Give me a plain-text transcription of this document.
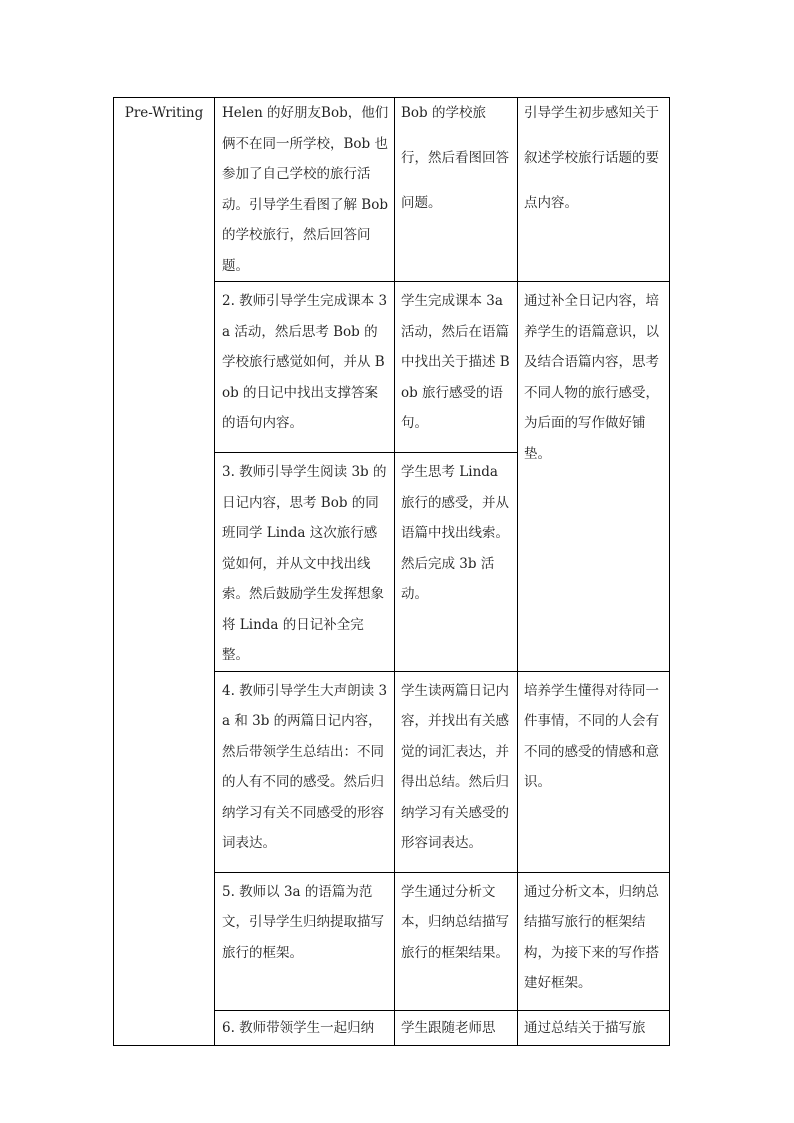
Pre-Writing	Helen 的好朋友Bob，他们俩不在同一所学校，Bob 也参加了自己学校的旅行活动。引导学生看图了解 Bob 的学校旅行，然后回答问题。	Bob 的学校旅行，然后看图回答问题。	引导学生初步感知关于叙述学校旅行话题的要点内容。

	2. 教师引导学生完成课本 3a 活动，然后思考 Bob 的学校旅行感觉如何，并从 Bob 的日记中找出支撑答案的语句内容。	学生完成课本 3a 活动，然后在语篇中找出关于描述 Bob 旅行感受的语句。	通过补全日记内容，培养学生的语篇意识，以及结合语篇内容，思考不同人物的旅行感受，为后面的写作做好铺垫。

	3. 教师引导学生阅读 3b 的日记内容，思考 Bob 的同班同学 Linda 这次旅行感觉如何，并从文中找出线索。然后鼓励学生发挥想象将 Linda 的日记补全完整。	学生思考 Linda 旅行的感受，并从语篇中找出线索。然后完成 3b 活动。	

	4. 教师引导学生大声朗读 3a 和 3b 的两篇日记内容，然后带领学生总结出：不同的人有不同的感受。然后归纳学习有关不同感受的形容词表达。	学生读两篇日记内容，并找出有关感觉的词汇表达，并得出总结。然后归纳学习有关感受的形容词表达。	培养学生懂得对待同一件事情，不同的人会有不同的感受的情感和意识。

	5. 教师以 3a 的语篇为范文，引导学生归纳提取描写旅行的框架。	学生通过分析文本，归纳总结描写旅行的框架结果。	通过分析文本，归纳总结描写旅行的框架结构，为接下来的写作搭建好框架。

	6. 教师带领学生一起归纳	学生跟随老师思	通过总结关于描写旅
